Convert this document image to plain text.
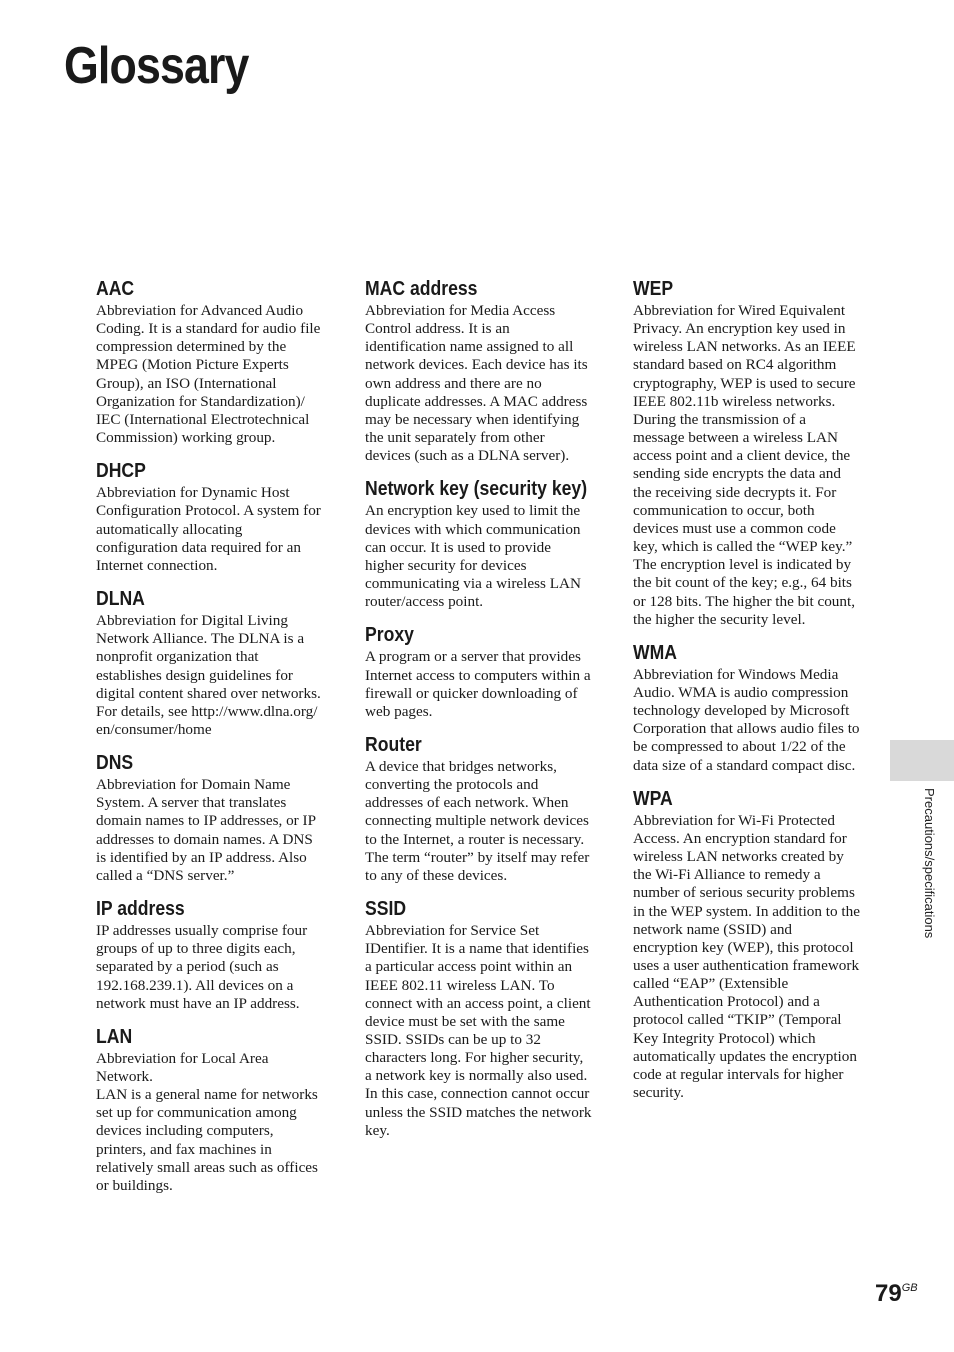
Glossary
AAC

Abbreviation for Advanced Audio
Coding. It is a standard for audio file
compression determined by the
MPEG (Motion Picture Experts
Group), an ISO (International
Organization for Standardization)/
IEC (International Electrotechnical
Commission) working group.

DHCP

Abbreviation for Dynamic Host
Configuration Protocol. A system for
automatically allocating
configuration data required for an
Internet connection.

DLNA

Abbreviation for Digital Living
Network Alliance. The DLNA is a
nonprofit organization that
establishes design guidelines for
digital content shared over networks.
For details, see http://www.dlna.org/
en/consumer/home

DNS

Abbreviation for Domain Name
System. A server that translates
domain names to IP addresses, or IP
addresses to domain names. A DNS
is identified by an IP address. Also
called a “DNS server.”

IP address

IP addresses usually comprise four
groups of up to three digits each,
separated by a period (such as
192.168.239.1). All devices on a
network must have an IP address.

LAN

Abbreviation for Local Area
Network.
LAN is a general name for networks
set up for communication among
devices including computers,
printers, and fax machines in
relatively small areas such as offices
or buildings.

MAC address

Abbreviation for Media Access
Control address. It is an
identification name assigned to all
network devices. Each device has its
own address and there are no
duplicate addresses. A MAC address
may be necessary when identifying
the unit separately from other
devices (such as a DLNA server).

Network key (security key)

An encryption key used to limit the
devices with which communication
can occur. It is used to provide
higher security for devices
communicating via a wireless LAN
router/access point.

Proxy

A program or a server that provides
Internet access to computers within a
firewall or quicker downloading of
web pages.

Router

A device that bridges networks,
converting the protocols and
addresses of each network. When
connecting multiple network devices
to the Internet, a router is necessary.
The term “router” by itself may refer
to any of these devices.

SSID

Abbreviation for Service Set
IDentifier. It is a name that identifies
a particular access point within an
IEEE 802.11 wireless LAN. To
connect with an access point, a client
device must be set with the same
SSID. SSIDs can be up to 32
characters long. For higher security,
a network key is normally also used.
In this case, connection cannot occur
unless the SSID matches the network
key.

WEP

Abbreviation for Wired Equivalent
Privacy. An encryption key used in
wireless LAN networks. As an IEEE
standard based on RC4 algorithm
cryptography, WEP is used to secure
IEEE 802.11b wireless networks.
During the transmission of a
message between a wireless LAN
access point and a client device, the
sending side encrypts the data and
the receiving side decrypts it. For
communication to occur, both
devices must use a common code
key, which is called the “WEP key.”
The encryption level is indicated by
the bit count of the key; e.g., 64 bits
or 128 bits. The higher the bit count,
the higher the security level.

WMA

Abbreviation for Windows Media
Audio. WMA is audio compression
technology developed by Microsoft
Corporation that allows audio files to
be compressed to about 1/22 of the
data size of a standard compact disc.

WPA

Abbreviation for Wi-Fi Protected
Access. An encryption standard for
wireless LAN networks created by
the Wi-Fi Alliance to remedy a
number of serious security problems
in the WEP system. In addition to the
network name (SSID) and
encryption key (WEP), this protocol
uses a user authentication framework
called “EAP” (Extensible
Authentication Protocol) and a
protocol called “TKIP” (Temporal
Key Integrity Protocol) which
automatically updates the encryption
code at regular intervals for higher
security.

Precautions/specifications
$79^{GB}$
